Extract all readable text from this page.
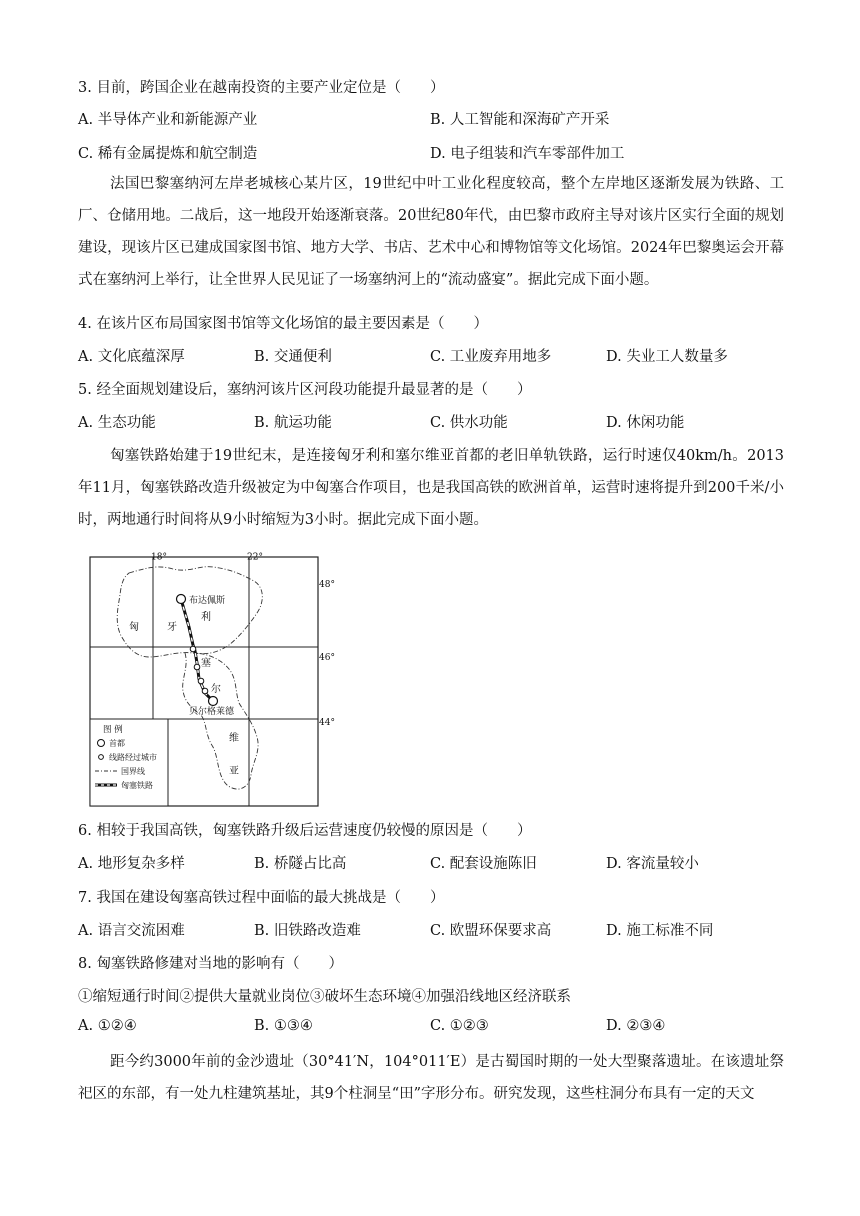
3. 目前，跨国企业在越南投资的主要产业定位是（　　）
A. 半导体产业和新能源产业	B. 人工智能和深海矿产开采
C. 稀有金属提炼和航空制造	D. 电子组装和汽车零部件加工
法国巴黎塞纳河左岸老城核心某片区，19世纪中叶工业化程度较高，整个左岸地区逐渐发展为铁路、工厂、仓储用地。二战后，这一地段开始逐渐衰落。20世纪80年代，由巴黎市政府主导对该片区实行全面的规划建设，现该片区已建成国家图书馆、地方大学、书店、艺术中心和博物馆等文化场馆。2024年巴黎奥运会开幕式在塞纳河上举行，让全世界人民见证了一场塞纳河上的“流动盛宴”。据此完成下面小题。
4. 在该片区布局国家图书馆等文化场馆的最主要因素是（　　）
A. 文化底蕴深厚	B. 交通便利	C. 工业废弃用地多	D. 失业工人数量多
5. 经全面规划建设后，塞纳河该片区河段功能提升最显著的是（　　）
A. 生态功能	B. 航运功能	C. 供水功能	D. 休闲功能
匈塞铁路始建于19世纪末，是连接匈牙利和塞尔维亚首都的老旧单轨铁路，运行时速仅40km/h。2013年11月，匈塞铁路改造升级被定为中匈塞合作项目，也是我国高铁的欧洲首单，运营时速将提升到200千米/小时，两地通行时间将从9小时缩短为3小时。据此完成下面小题。
18°	22°
48°
46°
44°
匈	牙
利
塞
尔
维
亚
布达佩斯
贝尔格莱德
图 例
首都
线路经过城市
国界线
匈塞铁路
6. 相较于我国高铁，匈塞铁路升级后运营速度仍较慢的原因是（　　）
A. 地形复杂多样	B. 桥隧占比高	C. 配套设施陈旧	D. 客流量较小
7. 我国在建设匈塞高铁过程中面临的最大挑战是（　　）
A. 语言交流困难	B. 旧铁路改造难	C. 欧盟环保要求高	D. 施工标准不同
8. 匈塞铁路修建对当地的影响有（　　）
①缩短通行时间②提供大量就业岗位③破坏生态环境④加强沿线地区经济联系
A. ①②④	B. ①③④	C. ①②③	D. ②③④
距今约3000年前的金沙遗址（30°41′N，104°011′E）是古蜀国时期的一处大型聚落遗址。在该遗址祭祀区的东部，有一处九柱建筑基址，其9个柱洞呈“田”字形分布。研究发现，这些柱洞分布具有一定的天文
